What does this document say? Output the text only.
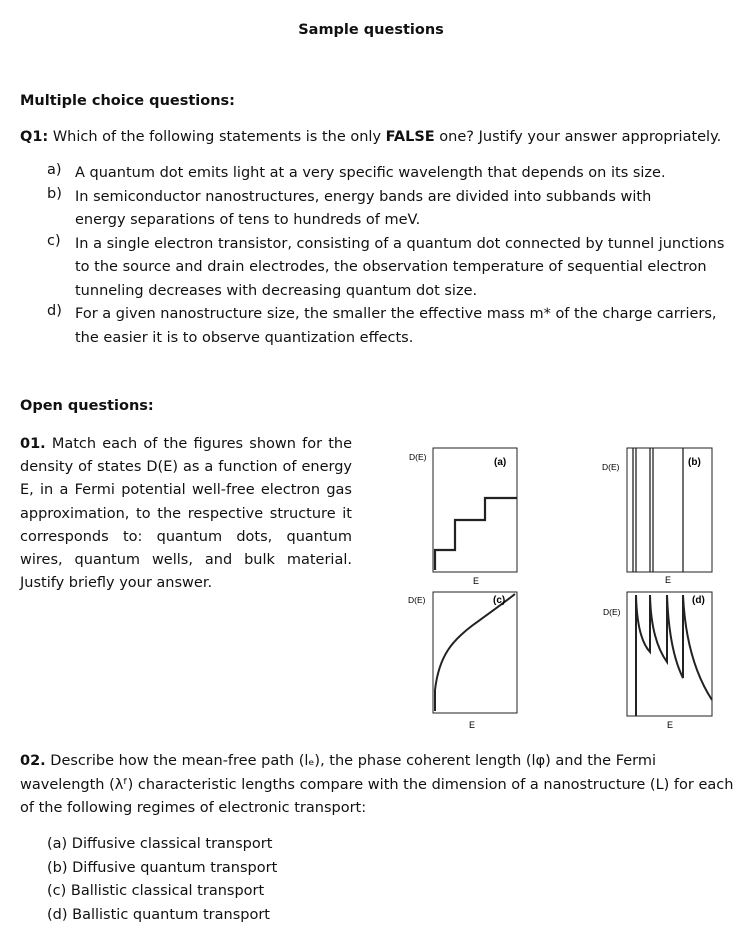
Sample questions
Multiple choice questions:
Q1: Which of the following statements is the only FALSE one? Justify your answer appropriately.
a) A quantum dot emits light at a very specific wavelength that depends on its size.
b) In semiconductor nanostructures, energy bands are divided into subbands with energy separations of tens to hundreds of meV.
c) In a single electron transistor, consisting of a quantum dot connected by tunnel junctions to the source and drain electrodes, the observation temperature of sequential electron tunneling decreases with decreasing quantum dot size.
d) For a given nanostructure size, the smaller the effective mass m* of the charge carriers, the easier it is to observe quantization effects.
Open questions:
01. Match each of the figures shown for the density of states D(E) as a function of energy E, in a Fermi potential well-free electron gas approximation, to the respective structure it corresponds to: quantum dots, quantum wires, quantum wells, and bulk material. Justify briefly your answer.
D(E)	(a)
E
D(E)	(b)
E
D(E)	(c)
E
D(E)
(d)
E
02. Describe how the mean-free path (lₑ), the phase coherent length (lφ) and the Fermi wavelength (λᶠ) characteristic lengths compare with the dimension of a nanostructure (L) for each of the following regimes of electronic transport:
(a) Diffusive classical transport
(b) Diffusive quantum transport
(c) Ballistic classical transport
(d) Ballistic quantum transport
